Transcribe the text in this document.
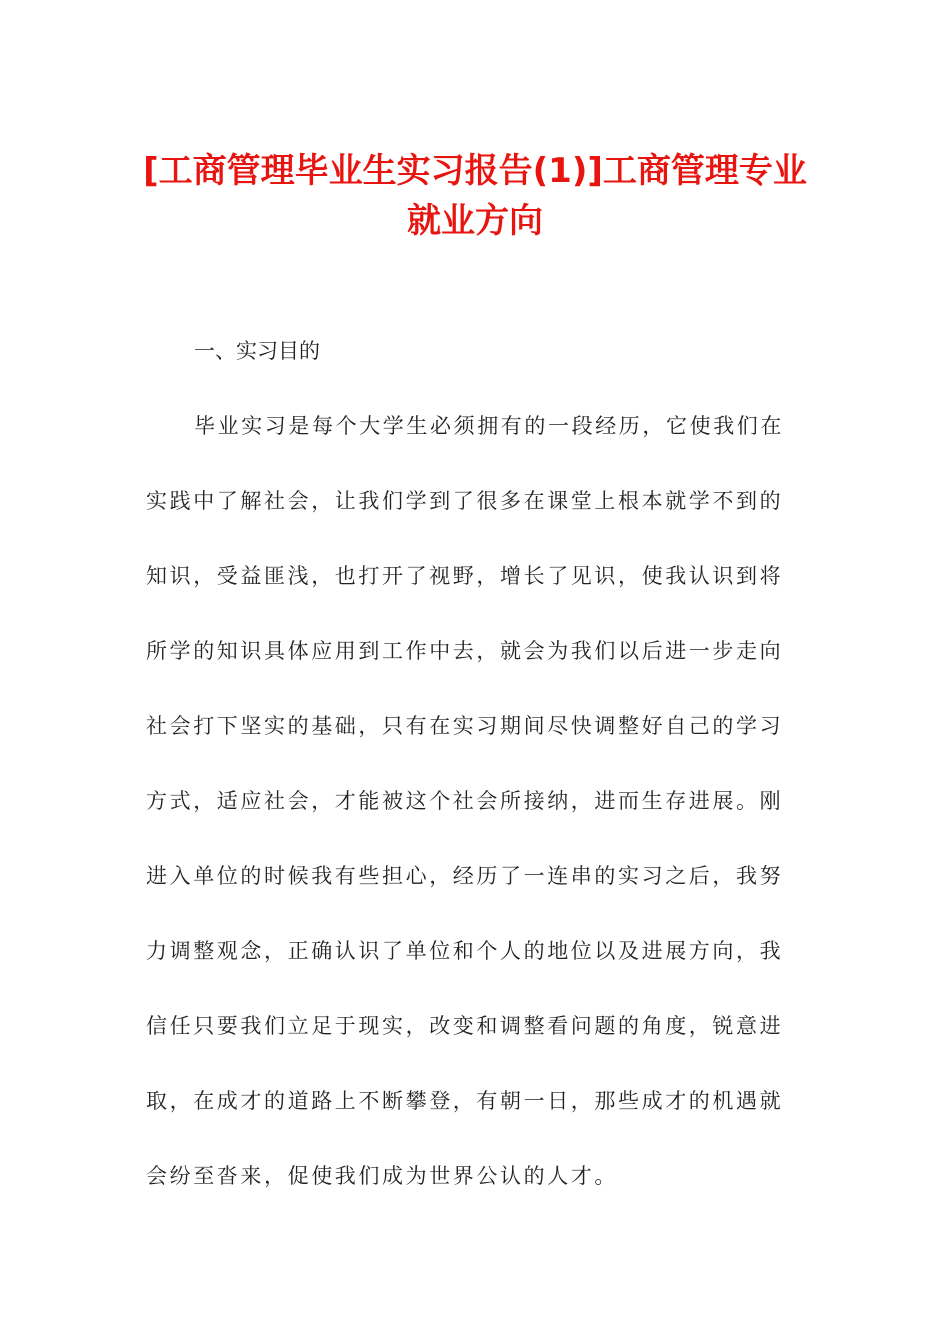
[工商管理毕业生实习报告(1)]工商管理专业
就业方向
一、实习目的

毕业实习是每个大学生必须拥有的一段经历，它使我们在
实践中了解社会，让我们学到了很多在课堂上根本就学不到的
知识，受益匪浅，也打开了视野，增长了见识，使我认识到将
所学的知识具体应用到工作中去，就会为我们以后进一步走向
社会打下坚实的基础，只有在实习期间尽快调整好自己的学习
方式，适应社会，才能被这个社会所接纳，进而生存进展。刚
进入单位的时候我有些担心，经历了一连串的实习之后，我努
力调整观念，正确认识了单位和个人的地位以及进展方向，我
信任只要我们立足于现实，改变和调整看问题的角度，锐意进
取，在成才的道路上不断攀登，有朝一日，那些成才的机遇就
会纷至沓来，促使我们成为世界公认的人才。
